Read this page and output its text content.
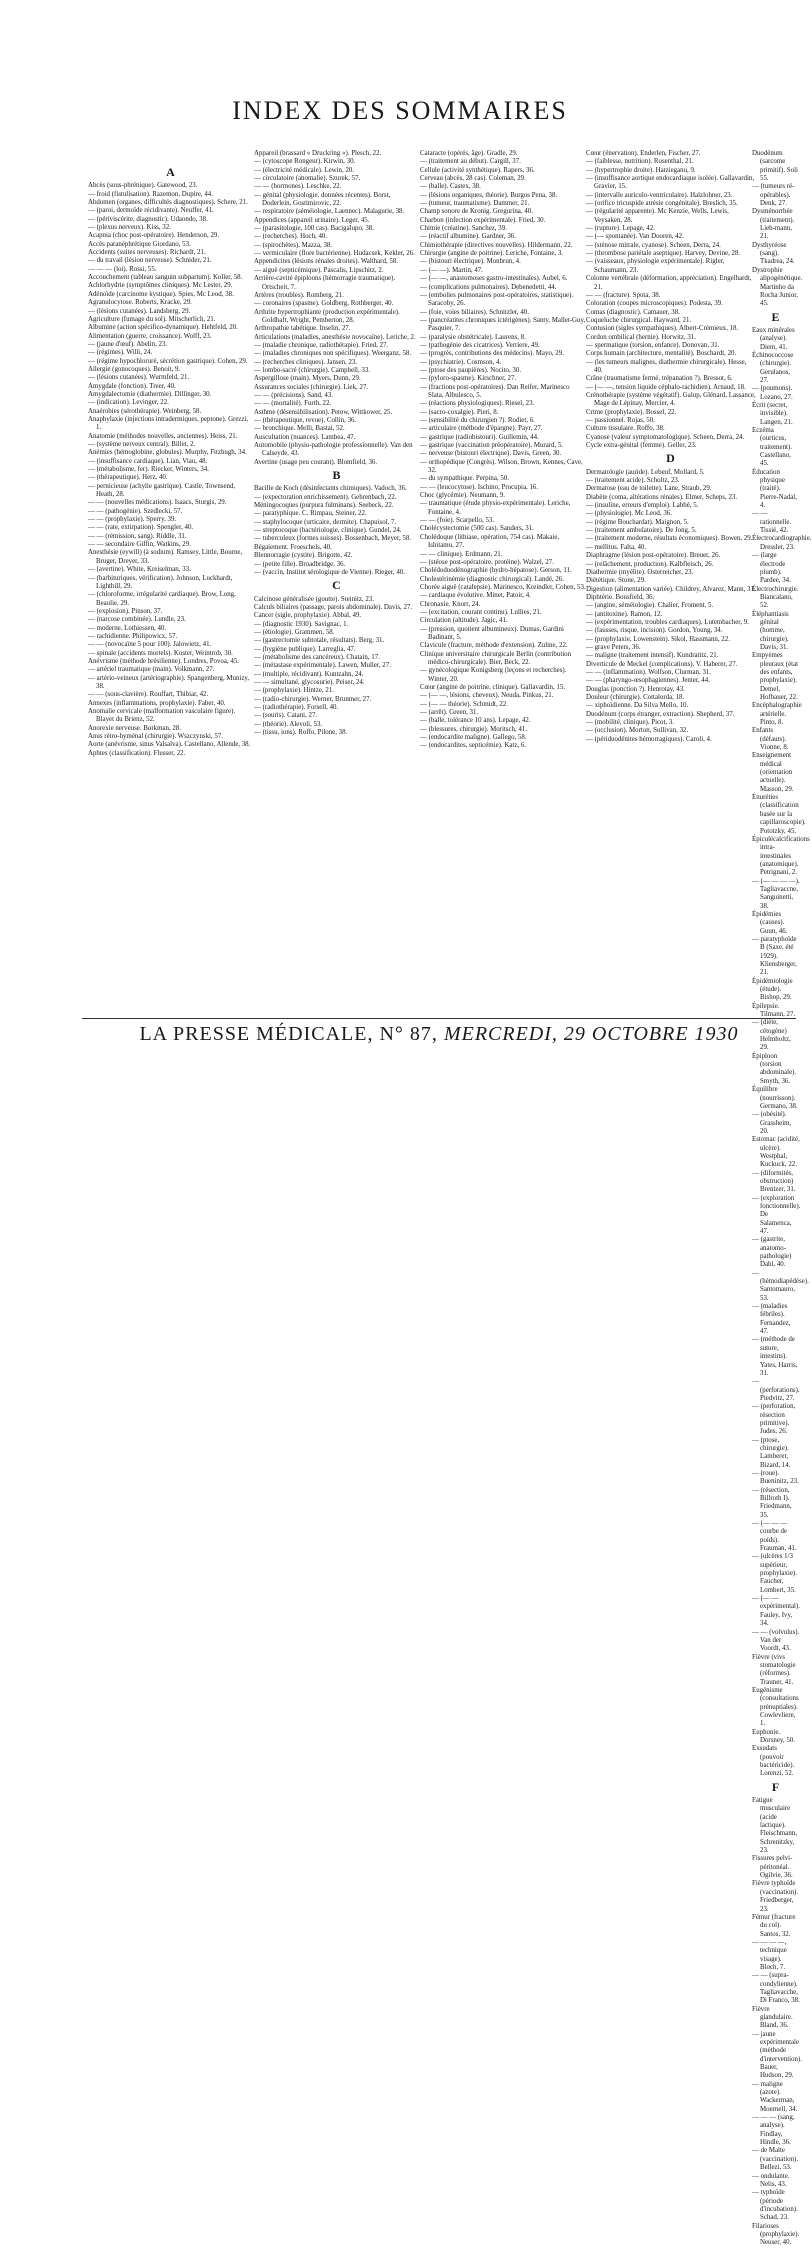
INDEX DES SOMMAIRES
A
Abcès (sous-phrénique). Gatewood, 23.
— froid (fistulisation). Razemon, Dupire, 44.
Abdomen (organes, difficultés diagnostiques). Schere, 21.
— (paroi, dermoïde récidivante). Neuffer, 41.
— (périviscérite, diagnostic). Udaondo, 38.
— (plexus nerveux). Kiss, 32.
Acapnia (choc post-opératoire). Henderson, 29.
Accès paranéphrétique Giordano, 53.
Accidents (suites nerveuses). Richardt, 21.
— du travail (lésion nerveuse). Schnider, 21.
— — — (loi). Rossi, 55.
Accouchement (tableau sanguin subpartum). Koller, 58.
Achlorhydrie (symptômes cliniques). Mc Lester, 29.
Adénoïde (carcinome kystique). Spies, Mc Leod, 38.
Agranulocytose. Roberts, Kracke, 29.
— (lésions cutanées). Landsberg, 29.
Agriculture (fumage du sol). Mitscherlich, 21.
Albumine (action spécifico-dynamique). Hehtfeld, 20.
Alimentation (guerre, croissance). Wolff, 23.
— (jaune d'œuf). Abelin, 23.
— (régimes). Willi, 24.
— (régime hypochloruré, sécrétion gastrique). Cohen, 29.
Allergie (gonocoques). Benoit, 9.
— (lésions cutanées). Wurmfeld, 21.
Amygdale (fonction). Treer, 40.
Amygdalectomie (diathermie). Dillinger, 30.
— (indication). Levinger, 22.
Anaérobies (sérothérapie). Weinberg, 58.
Anaphylaxie (injections intradermiques, peptone). Grezzi, 1.
Anatomie (méthodes nouvelles, anciennes). Heiss, 21.
— (système nerveux central). Billet, 2.
Anémies (hémoglobine, globules). Murphy, Fitzhugh, 34.
— (insuffisance cardiaque). Lian, Viau, 48.
— (métabolisme, fer). Riecker, Winters, 34.
— (thérapeutique). Herz, 40.
— pernicieuse (achylie gastrique). Castle, Townsend, Heath, 28.
— — (nouvelles médications). Isaacs, Sturgis, 29.
— — (pathogénie). Szedlecki, 57.
— — (prophylaxie). Sperry, 39.
— — (rate, extirpation). Spengler, 40.
— — (rémission, sang). Riddle, 31.
— — secondaire Giffin, Watkins, 29.
Anesthésie (eywill) (à sodium). Ramsey, Little, Bourne, Bruger, Dreyer, 33.
— (avertine). White, Kreiselman, 33.
— (barbituriques, vérification). Johnson, Luckhardt, Lighthill, 29.
— (chloroforme, irrégularité cardiaque). Brow, Long, Beaulie, 29.
— (explosion). Pinson, 37.
— (narcose combinée). Lundle, 23.
— moderne. Lothiessen, 40.
— rachidienne. Philipowicz, 57.
— — (novocaïne 5 pour 100). Jalowietz, 41.
— spinale (accidents mortels). Koster, Weintrob, 30.
Anévrisme (méthode brésilienne). Londres, Povoa, 45.
— artériel traumatique (main). Volkmann, 27.
— artério-veineux (artériographie). Spangenberg, Munizy, 38.
— — (sous-clavière). Rouffart, Thibiar, 42.
Annexes (inflammations, prophylaxie). Faber, 40.
Anomalie cervicale (malformation vasculaire figure). Blayet du Brienz, 52.
Anorexie nerveuse. Borkman, 28.
Anus rétro-hyménal (chirurgie). Wszczynski, 57.
Aorte (anévrisme, sinus Valsalva). Castellano, Allende, 38.
Aphtes (classification). Flusser, 22.
Appareil (brassard « Druckring »). Plesch, 22.
— (cytoscope Rongeur). Kirwin, 30.
— (électricité médicale). Lewin, 20.
— circulatoire (anomalie). Szurek, 57.
— — (hormones). Leschke, 22.
— génital (physiologie, données récentes). Borst, Doderlein, Gostimirovic, 22.
— respiratoire (séméiologie, Laennec). Malagurie, 38.
Appendices (appareil urinaire). Leger, 45.
— (parasitologie, 100 cas). Bacigalupo, 38.
— (recherches). Hoch, 40.
— (spirochètes). Mazza, 38.
— vermiculaire (flore bactérienne). Hudacsek, Kekler, 26.
Appendicites (lésions rénales droites). Walthard, 58.
— aiguë (septicémique). Pascalis, Lipschitz, 2.
Arrière-cavité épiploons (hémorragie traumatique). Ortscheit, 7.
Artères (troubles). Romberg, 21.
— coronaires (spasme). Goldberg, Rothberger, 40.
Arthrite hypertrophiante (production expérimentale). Goldhaft, Wright, Pemberton, 28.
Arthropathie tabétique. Inselin, 27.
Articulations (maladies, anesthésie novocaïne). Leriche, 2.
— (maladie chronique, radiothérapie). Fried, 27.
— (maladies chroniques non spécifiques). Weerganz, 58.
— (recherches cliniques). Jansen, 23.
— lombo-sacré (chirurgie). Campbell, 33.
Aspergillose (main). Myers, Dunn, 29.
Assurances sociales (chirurgie). Liek, 27.
— — (précisions). Sand, 43.
— — (mortalité). Furth, 22.
Asthme (désensibilisation). Petow, Wittkower, 25.
— (thérapeutique, revue). Collin, 36.
— bronchique. Melli, Bastai, 52.
Auscultation (nuances). Lambea, 47.
Automobile (physio-pathologie professionnelle). Van den Calseyde, 43.
Avertine (usage peu courant). Blomfield, 36.
B
Bacille de Koch (désinfectants chimiques). Vadoch, 36.
— (expectoration enrichissement). Gehrenbach, 22.
Méningocoques (purpura fulminans). Seebeck, 22.
— paratyphique. C. Rimpau, Steiner, 22.
— staphylocoque (urticaire, dermite). Chapuisol, 7.
— streptocoque (bactériologie, clinique). Gundel, 24.
— tuberculeux (formes suisses). Bossenbach, Meyer, 58.
Bégaiement. Froeschels, 40.
Blennorragie (cystite). Brigotte, 42.
— (petite fille). Broadbridge, 36.
— (vaccin, Institut sérologique de Vienne). Rieger, 40.
C
Calcinose généralisée (goutte). Steinitz, 23.
Calculs biliaires (passage, parois abdominale). Davis, 27.
Cancer (sigle, prophylaxie). Abbal, 49.
— (diagnostic 1930). Savignac, 1.
— (étiologie). Grammen, 58.
— (gastrectomie subtotale, résultats). Berg, 31.
— (hygiène publique). Larreglia, 47.
— (métabolisme des cancéreux). Chatain, 17.
— (métastase expérimentale). Lawen, Muller, 27.
— (multiple, récidivant). Kuntzahn, 24.
— — simultané, glycosurie). Peiser, 24.
— (prophylaxie). Hintze, 21.
— (radio-chirurgie). Werner, Brunmer, 27.
— (radiothérapie). Forsell, 40.
— (souris). Catani, 27.
— (théorie). Alevoli, 53.
— (tissu, ions). Roffo, Pilone, 38.
Cataracte (opérés, âge). Gradle, 29.
— (traitement au début). Cargill, 37.
Cellule (activité synthétique). Rapers, 36.
Cerveau (abcès, 28 cas). Coleman, 29.
— (balle). Castex, 38.
— (lésions organiques, théorie). Burgos Pena, 38.
— (tumeur, traumatisme). Dammer, 21.
Champ sonore de Kronig. Gregurina, 40.
Charbon (infection expérimentale). Fried, 30.
Chimie (créatine). Sanchez, 39.
— (réactif albumine). Gardner, 36.
Chimiothérapie (directives nouvelles). Hildermann, 22.
Chirurgie (angine de poitrine). Leriche, Fontaine, 3.
— (bistouri électrique). Monbrun, 4.
— (— —). Martin, 47.
— (— —, anastomoses gastro-intestinales). Aubel, 6.
— (complications pulmonaires). Debenedetti, 44.
— (embolies pulmonaires post-opératoires, statistique). Saracoby, 26.
— (foie, voies biliaires). Schnitzler, 40.
— (pancréatites chroniques ictérigènes). Santy, Mallet-Guy, Pasquier, 7.
— (paralysie obstétricale). Laurens, 8.
— (pathogénie des cicatrices). Verriere, 49.
— (progrès, contributions des médecins). Mayo, 29.
— (psychiatrie). Cosmson, 4.
— (ptose des paupières). Nocito, 30.
— (pyloro-spasme). Kirschner, 27.
— (fractions post-opératoires). Dan Reifer, Marinesco Slata, Albulesco, 5.
— (réactions physiologiques). Riesel, 23.
— (sacro-coxalgie). Pieri, 8.
— (sensibilité du chirurgien ?). Rodiet, 6.
— articulaire (méthode d'épargne). Payr, 27.
— gastrique (radiobistouri). Guillemin, 44.
— gastrique (vaccination préopératoire). Murard, 5.
— nerveuse (bistouri électrique). Davis, Green, 30.
— orthopédique (Congrès). Wilson, Brown, Kennes, Cave, 32.
— du sympathique. Perpina, 50.
— — (leucocytose). Ischino, Procupia, 16.
Choc (glycémie). Neumann, 9.
— traumatique (étude physio-expérimentale). Leriche, Fontaine, 4.
— — (foie). Scarpello, 53.
Cholécystectomie (500 cas). Sanders, 31.
Cholédoque (lithiase, opération, 754 cas). Makaie, Ishitamu, 27.
— — clinique). Erdmann, 21.
— (stéose post-opératoire, protéine). Walzel, 27.
Cholédoduodénographie (hydro-hépatose). Gerson, 11.
Cholestérinémie (diagnostic chirurgical). Landé, 26.
Chorée aiguë (catalepsie). Marinesco, Kreindler, Cohen, 53.
— cardiaque évolutive. Minet, Patoir, 4.
Chronaxie. Knorr, 24.
— (excitation, courant continu). Lullies, 21.
Circulation (altitude). Jagic, 41.
— (pression, quotient albumineux). Dumas, Gardini Badinant, 5.
Clavicule (fracture, méthode d'extension). Zuline, 22.
Clinique universitaire chirurgicale Berlin (contribution médico-chirurgicale). Bier, Beck, 22.
— gynécologique Konigsberg (leçons et recherches). Winter, 20.
Cœur (angine de poitrine, clinique). Gallavardin, 15.
— (— —, lésions, cheveux). Neuda, Pinkus, 21.
— (— — théorie). Schmidt, 22.
— (arrêt). Green, 31.
— (balle, tolérance 10 ans). Lepage, 42.
— (blessures, chirurgie). Moritsch, 41.
— (endocardite maligne). Gallego, 58.
— (endocardites, septicémie). Katz, 6.
Cœur (énervation). Enderlen, Fischer, 27.
— (faiblesse, nutrition). Rosenthal, 21.
— (hypertrophie droite). Hatzieganu, 9.
— (insuffisance aortique endocardiaque isolée). Gallavardin, Gravier, 15.
— (intervalle auriculo-ventriculaire). Halzlohner, 23.
— (orifice tricuspide atrésie congénitale). Breslich, 35.
— (régularité apparente). Mc Kenzie, Wells, Lewis, Veysaken, 28.
— (rupture). Lepage, 42.
— (— spontanée). Van Dooren, 42.
— (sténose mitrale, cyanose). Scheen, Derra, 24.
— (thrombose pariétale aseptique). Harvey, Devine, 28.
— (vaisseaux, physiologie expérimentale). Rigler, Schaumann, 23.
Colonne vertébrale (déformation, appréciation). Engelhardt, 21.
— — (fracture). Spota, 38.
Coloration (coupes microscopiques). Podesta, 39.
Comas (diagnostic). Camauer, 38.
Coqueluche chirurgical. Hayward, 21.
Contusion (sigles sympathiques). Albert-Crémieux, 18.
Cordon ombilical (hernie). Horwitz, 31.
— spermatique (torsion, enfance). Donovan, 31.
Corps humain (architecture, mentalité). Boschardt, 20.
— (les tumeurs malignes, diathermie chirurgicale). Hesse, 40.
Crâne (traumatisme fermé, trépanation ?). Bressot, 6.
— (— —, tension liquide céphalo-rachidien). Arnaud, 18.
Crénothérapie (système végétatif). Galup, Glénard, Lassance, Mage de Lépinay, Mercier, 4.
Crime (prophylaxie). Bossel, 22.
— passionnel. Rojas, 50.
Culture tissulaire. Roffo, 38.
Cyanose (valeur symptomatologique). Scheen, Derra, 24.
Cycle extra-génital (femme). Geller, 23.
D
Dermatologie (auride). Lebeuf, Mollard, 5.
— (traitement acide). Scholtz, 23.
Dermatose (eau de toilette). Lane, Straub, 29.
Diabète (coma, altérations rénales). Elmer, Scheps, 23.
— (insuline, erreurs d'emploi). Labbé, 5.
— (physiologie). Mc Leod, 36.
— (régime Bouchardat). Maignon, 5.
— (traitement ambulatoire). De Jong, 5.
— (traitement moderne, résultats économiques). Bowen, 29.
— mellitus. Falta, 40.
Diaphragme (lésion post-opératoire). Breuer, 26.
— (relâchement, production). Kalbfleisch, 26.
Diathermie (myélite). Osterreicher, 23.
Diététique. Stone, 29.
Digestion (alimentation variée). Childrey, Alvarez, Mann, 31.
Diphtérie. Bousfield, 36.
— (angine, séméiologie). Chalier, Froment, 5.
— (antitoxine). Ramon, 12.
— (expérimentation, troubles cardiaques). Lutembacher, 9.
— (fausses, risque, incision). Gordon, Young, 34.
— (prophylaxie, Lowenstein). Sikol, Hassmann, 22.
— grave Peters, 36.
— maligne (traitement intensif). Kundratitz, 21.
Diverticule de Meckel (complications). V. Haberer, 27.
— — (inflammation). Wolfson, Clurman, 31.
— — (pharyngo-œsophagiennes). Jenter, 44.
Douglas (ponction ?). Henrotay, 43.
Douleur (chirurgie). Cottalorda, 18.
— xiphoïdienne. Da Silva Mello, 10.
Duodénum (corps étranger, extraction). Shepherd, 37.
— (mobilité, clinique). Picot, 3.
— (occlusion). Morton, Sullivan, 32.
— (périduodénites hémorragiques). Caroli, 4.
Duodénum (sarcome primitif). Soli 55.
— (tumeurs ré-opérables). Denk, 27.
Dysménorrhée (traitement). Lieb-mann, 21.
Dysthyréose (sang). Tkadrea, 24.
Dystrophie alipogénétique. Martinho da Rocha Junior, 45.
E
Eaux minérales (analyse). Diem, 41.
Échinococcose (chirurgie). Gerulanos, 27.
— (poumons). Lozano, 27.
Écrit (secret, invisible). Langen, 21.
Eczéma (ourticus, traitement). Castellano, 45.
Éducation physique (traité). Pierre-Nadal, 4.
— — rationnelle. Tissié, 42.
Électrocardiographie. Dressler, 23.
— (large électrode plumb). Pardee, 34.
Électrochirurgie. Biancalano, 52.
Éléphantiasis génital (homme, chirurgie). Davis, 31.
Empyèmes pleuraux (état des enfants, prophylaxie). Demel, Hofbauer, 22.
Encéphalographie artérielle. Pinto, 8.
Enfants (défauts). Vionne, 8.
Enseignement médical (orientation actuelle). Masson, 29.
Énuréties (classification basée sur la capillaroscopie). Pototzky, 45.
Épiculécalcifications intra-intestinales (anatomique). Petrignani, 2.
— (— — — —). Tagliavaccne, Sanguinetti, 38.
Épidémies (causes). Guun, 46.
— paratyphoïde B (Saxe, été 1929). Kliensberger, 21.
Épidémiologie (étude). Bishop, 29.
Épilepsie. Tilmann, 27.
— (diète, cétogène) Helmholtz, 29.
Épiploon (torsion abdominale). Smyth, 36.
Équilibre (nourrisson). Germano, 38.
— (obésité). Grassheim, 20.
Estomac (acidité, ulcère). Westphal, Kuckuck, 22.
— (diformités, obstruction) Brenizer, 31.
— (exploration fonctionnelle). De Salamenca, 47.
— (gastrite, anatomo-pathologie) Dahl, 40.
— (hémodiapédèse). Santomauro, 53.
— (maladies fébriles). Fernandez, 47.
— (méthode de suture, intestins). Yates, Harris, 31.
— (perforations). Piedvitz, 27.
— (perforation, résection primitive). Judes, 26.
— (ptose, chirurgie). Lamberet, Bizard, 14.
— (roue). Bueninitz, 23.
— (résection, Billroth I). Friedmann, 35.
— (— — — courbe de poids). Frauman, 41.
— (ulcères 1/3 supérieur, prophylaxie). Faucher, Lombert, 35.
— (— — expérimental). Fauley, Ivy, 34.
— — (volvulus). Van der Voordt, 43.
Fièvre (vivs stomatologie (réformes). Trauner, 41.
Eugénisme (consultations prénuptiales). Cowlevliere, 1.
Euphonie. Dorsney, 50.
Exsudats (pouvoir bactéricide). Lorenzi, 52.
F
Fatigue musculaire (acide lactique). Fleischmann, Schrenitzky, 23.
Fissures pelvi-péritonéal. Ogilvie, 36.
Fièvre typhoïde (vaccination). Friedberger, 23.
Fémur (fracture du col). Santos, 32.
— — — —, technique visage). Bloch, 7.
— — (supra-condylienne). Tagliavacche, Di Franco, 38.
Fièvre glandulaire. Bland, 36.
— jaune expérimentale (méthode d'intervention). Bauer, Hudson, 29.
— maligne (azote). Wackerman, Moernell, 34.
— — — (sang, analyse). Findlay, Hindle, 36.
— de Malte (vaccination). Bellezi, 53.
— ondulante. Nelis, 43.
— typhoïde (période d'incubation). Schad, 23.
Filarioses (prophylaxie). Neuser, 40.
LA PRESSE MÉDICALE, N° 87, MERCREDI, 29 OCTOBRE 1930
